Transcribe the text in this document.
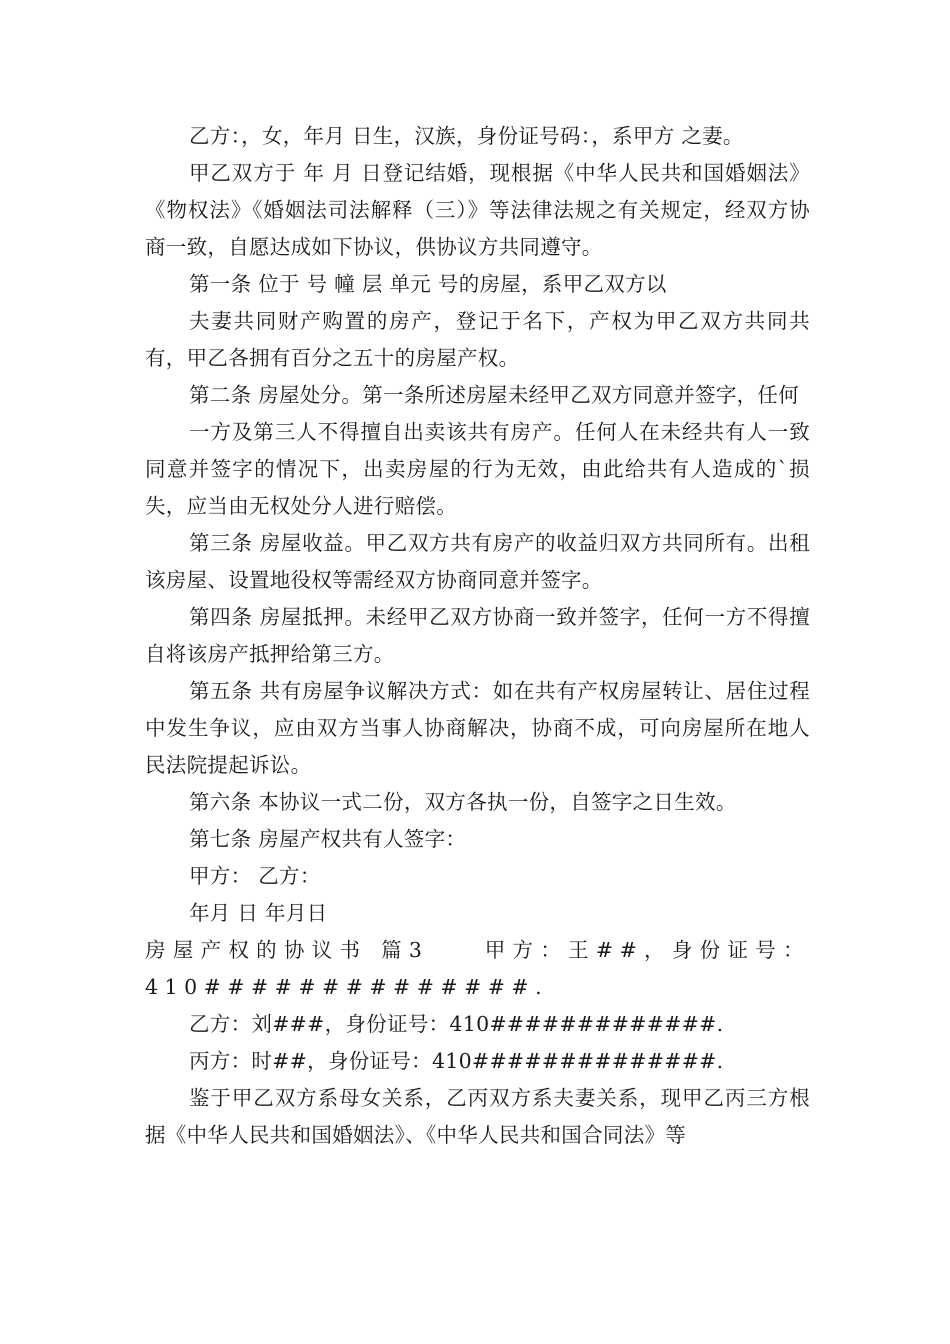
乙方：，女，年月 日生，汉族，身份证号码：，系甲方 之妻。

甲乙双方于 年 月 日登记结婚，现根据《中华人民共和国婚姻法》《物权法》《婚姻法司法解释（三）》等法律法规之有关规定，经双方协商一致，自愿达成如下协议，供协议方共同遵守。

第一条 位于 号 幢 层 单元 号的房屋，系甲乙双方以

夫妻共同财产购置的房产，登记于名下，产权为甲乙双方共同共有，甲乙各拥有百分之五十的房屋产权。

第二条 房屋处分。第一条所述房屋未经甲乙双方同意并签字，任何

一方及第三人不得擅自出卖该共有房产。任何人在未经共有人一致同意并签字的情况下，出卖房屋的行为无效，由此给共有人造成的`损失，应当由无权处分人进行赔偿。

第三条 房屋收益。甲乙双方共有房产的收益归双方共同所有。出租该房屋、设置地役权等需经双方协商同意并签字。

第四条 房屋抵押。未经甲乙双方协商一致并签字，任何一方不得擅自将该房产抵押给第三方。

第五条 共有房屋争议解决方式：如在共有产权房屋转让、居住过程中发生争议，应由双方当事人协商解决，协商不成，可向房屋所在地人民法院提起诉讼。

第六条 本协议一式二份，双方各执一份，自签字之日生效。

第七条 房屋产权共有人签字：

甲方： 乙方：

年月 日 年月日

房屋产权的协议书 篇3　　甲方：王##，身份证号：410##############.

乙方：刘###，身份证号：410#############.

丙方：时##，身份证号：410##############.

鉴于甲乙双方系母女关系，乙丙双方系夫妻关系，现甲乙丙三方根据《中华人民共和国婚姻法》、《中华人民共和国合同法》等
